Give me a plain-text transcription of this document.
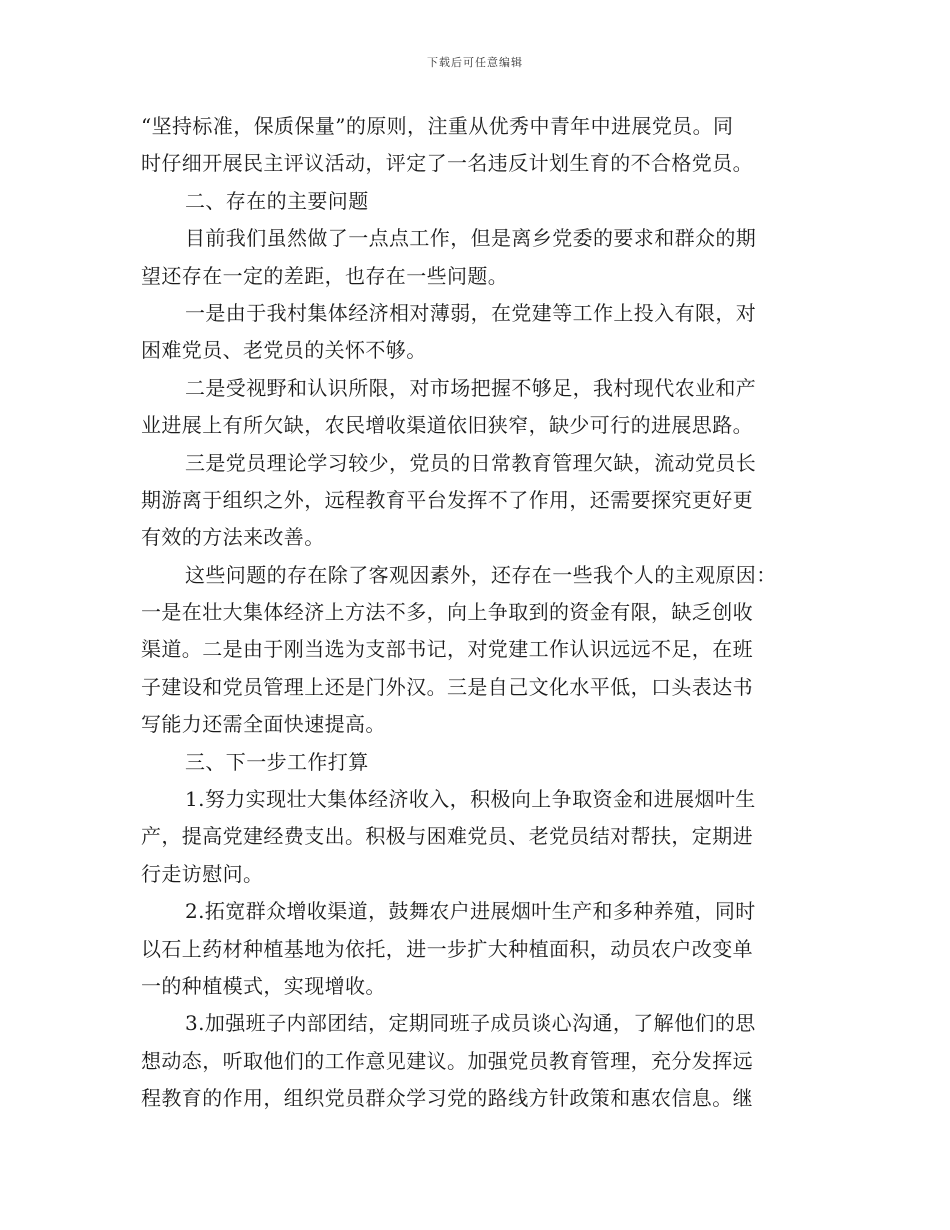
下载后可任意编辑
“坚持标准，保质保量”的原则，注重从优秀中青年中进展党员。同
时仔细开展民主评议活动，评定了一名违反计划生育的不合格党员。
二、存在的主要问题
目前我们虽然做了一点点工作，但是离乡党委的要求和群众的期
望还存在一定的差距，也存在一些问题。
一是由于我村集体经济相对薄弱，在党建等工作上投入有限，对
困难党员、老党员的关怀不够。
二是受视野和认识所限，对市场把握不够足，我村现代农业和产
业进展上有所欠缺，农民增收渠道依旧狭窄，缺少可行的进展思路。
三是党员理论学习较少，党员的日常教育管理欠缺，流动党员长
期游离于组织之外，远程教育平台发挥不了作用，还需要探究更好更
有效的方法来改善。
这些问题的存在除了客观因素外，还存在一些我个人的主观原因：
一是在壮大集体经济上方法不多，向上争取到的资金有限，缺乏创收
渠道。二是由于刚当选为支部书记，对党建工作认识远远不足，在班
子建设和党员管理上还是门外汉。三是自己文化水平低，口头表达书
写能力还需全面快速提高。
三、下一步工作打算
1.努力实现壮大集体经济收入，积极向上争取资金和进展烟叶生
产，提高党建经费支出。积极与困难党员、老党员结对帮扶，定期进
行走访慰问。
2.拓宽群众增收渠道，鼓舞农户进展烟叶生产和多种养殖，同时
以石上药材种植基地为依托，进一步扩大种植面积，动员农户改变单
一的种植模式，实现增收。
3.加强班子内部团结，定期同班子成员谈心沟通，了解他们的思
想动态，听取他们的工作意见建议。加强党员教育管理，充分发挥远
程教育的作用，组织党员群众学习党的路线方针政策和惠农信息。继
